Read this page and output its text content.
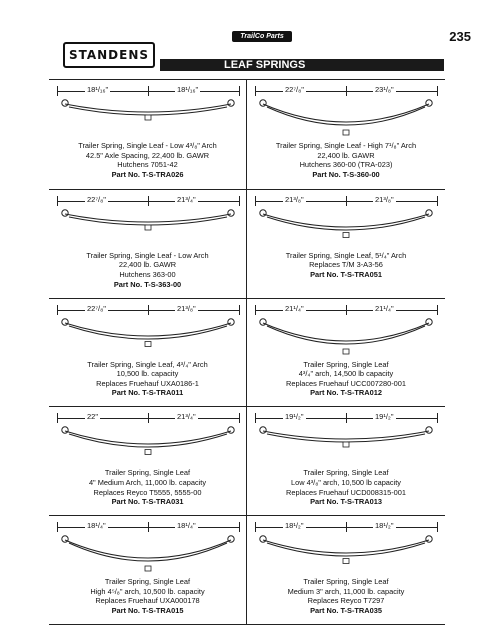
235
TrailCo Parts
STANDENS
LEAF SPRINGS
18¹/₁₆"	18¹/₁₆"
Trailer Spring, Single Leaf - Low 4³/₈" Arch
42.5" Axle Spacing, 22,400 lb. GAWR
Hutchens 7051-42
Part No. T-S-TRA026
22⁷/₈"	23¹/₈"
Trailer Spring, Single Leaf - High 7¹/₈" Arch
22,400 lb. GAWR
Hutchens 360-00 (TRA-023)
Part No. T-S-360-00
22⁷/₈"	21³/₄"
Trailer Spring, Single Leaf - Low Arch
22,400 lb. GAWR
Hutchens 363-00
Part No. T-S-363-00
21³/₈"	21³/₈"
Trailer Spring, Single Leaf, 5¹/₄" Arch
Replaces T/M 3-A3-56
Part No. T-S-TRA051
22⁷/₈"	21³/₈"
Trailer Spring, Single Leaf, 4³/₄" Arch
10,500 lb. capacity
Replaces Fruehauf UXA0186-1
Part No. T-S-TRA011
21¹/₄"	21¹/₄"
Trailer Spring, Single Leaf
4³/₄" arch, 14,500 lb capacity
Replaces Fruehauf UCC007280-001
Part No. T-S-TRA012
22"	21³/₄"
Trailer Spring, Single Leaf
4" Medium Arch, 11,000 lb. capacity
Replaces Reyco T5555, 5555-00
Part No. T-S-TRA031
19¹/₂"	19¹/₂"
Trailer Spring, Single Leaf
Low 4³/₈" arch, 10,500 lb capacity
Replaces Fruehauf UCD008315-001
Part No. T-S-TRA013
18¹/₄"	18¹/₄"
Trailer Spring, Single Leaf
High 4⁵/₈" arch, 10,500 lb. capacity
Replaces Fruehauf UXA000178
Part No. T-S-TRA015
18¹/₂"	18¹/₂"
Trailer Spring, Single Leaf
Medium 3" arch, 11,000 lb. capacity
Replaces Reyco T7297
Part No. T-S-TRA035
